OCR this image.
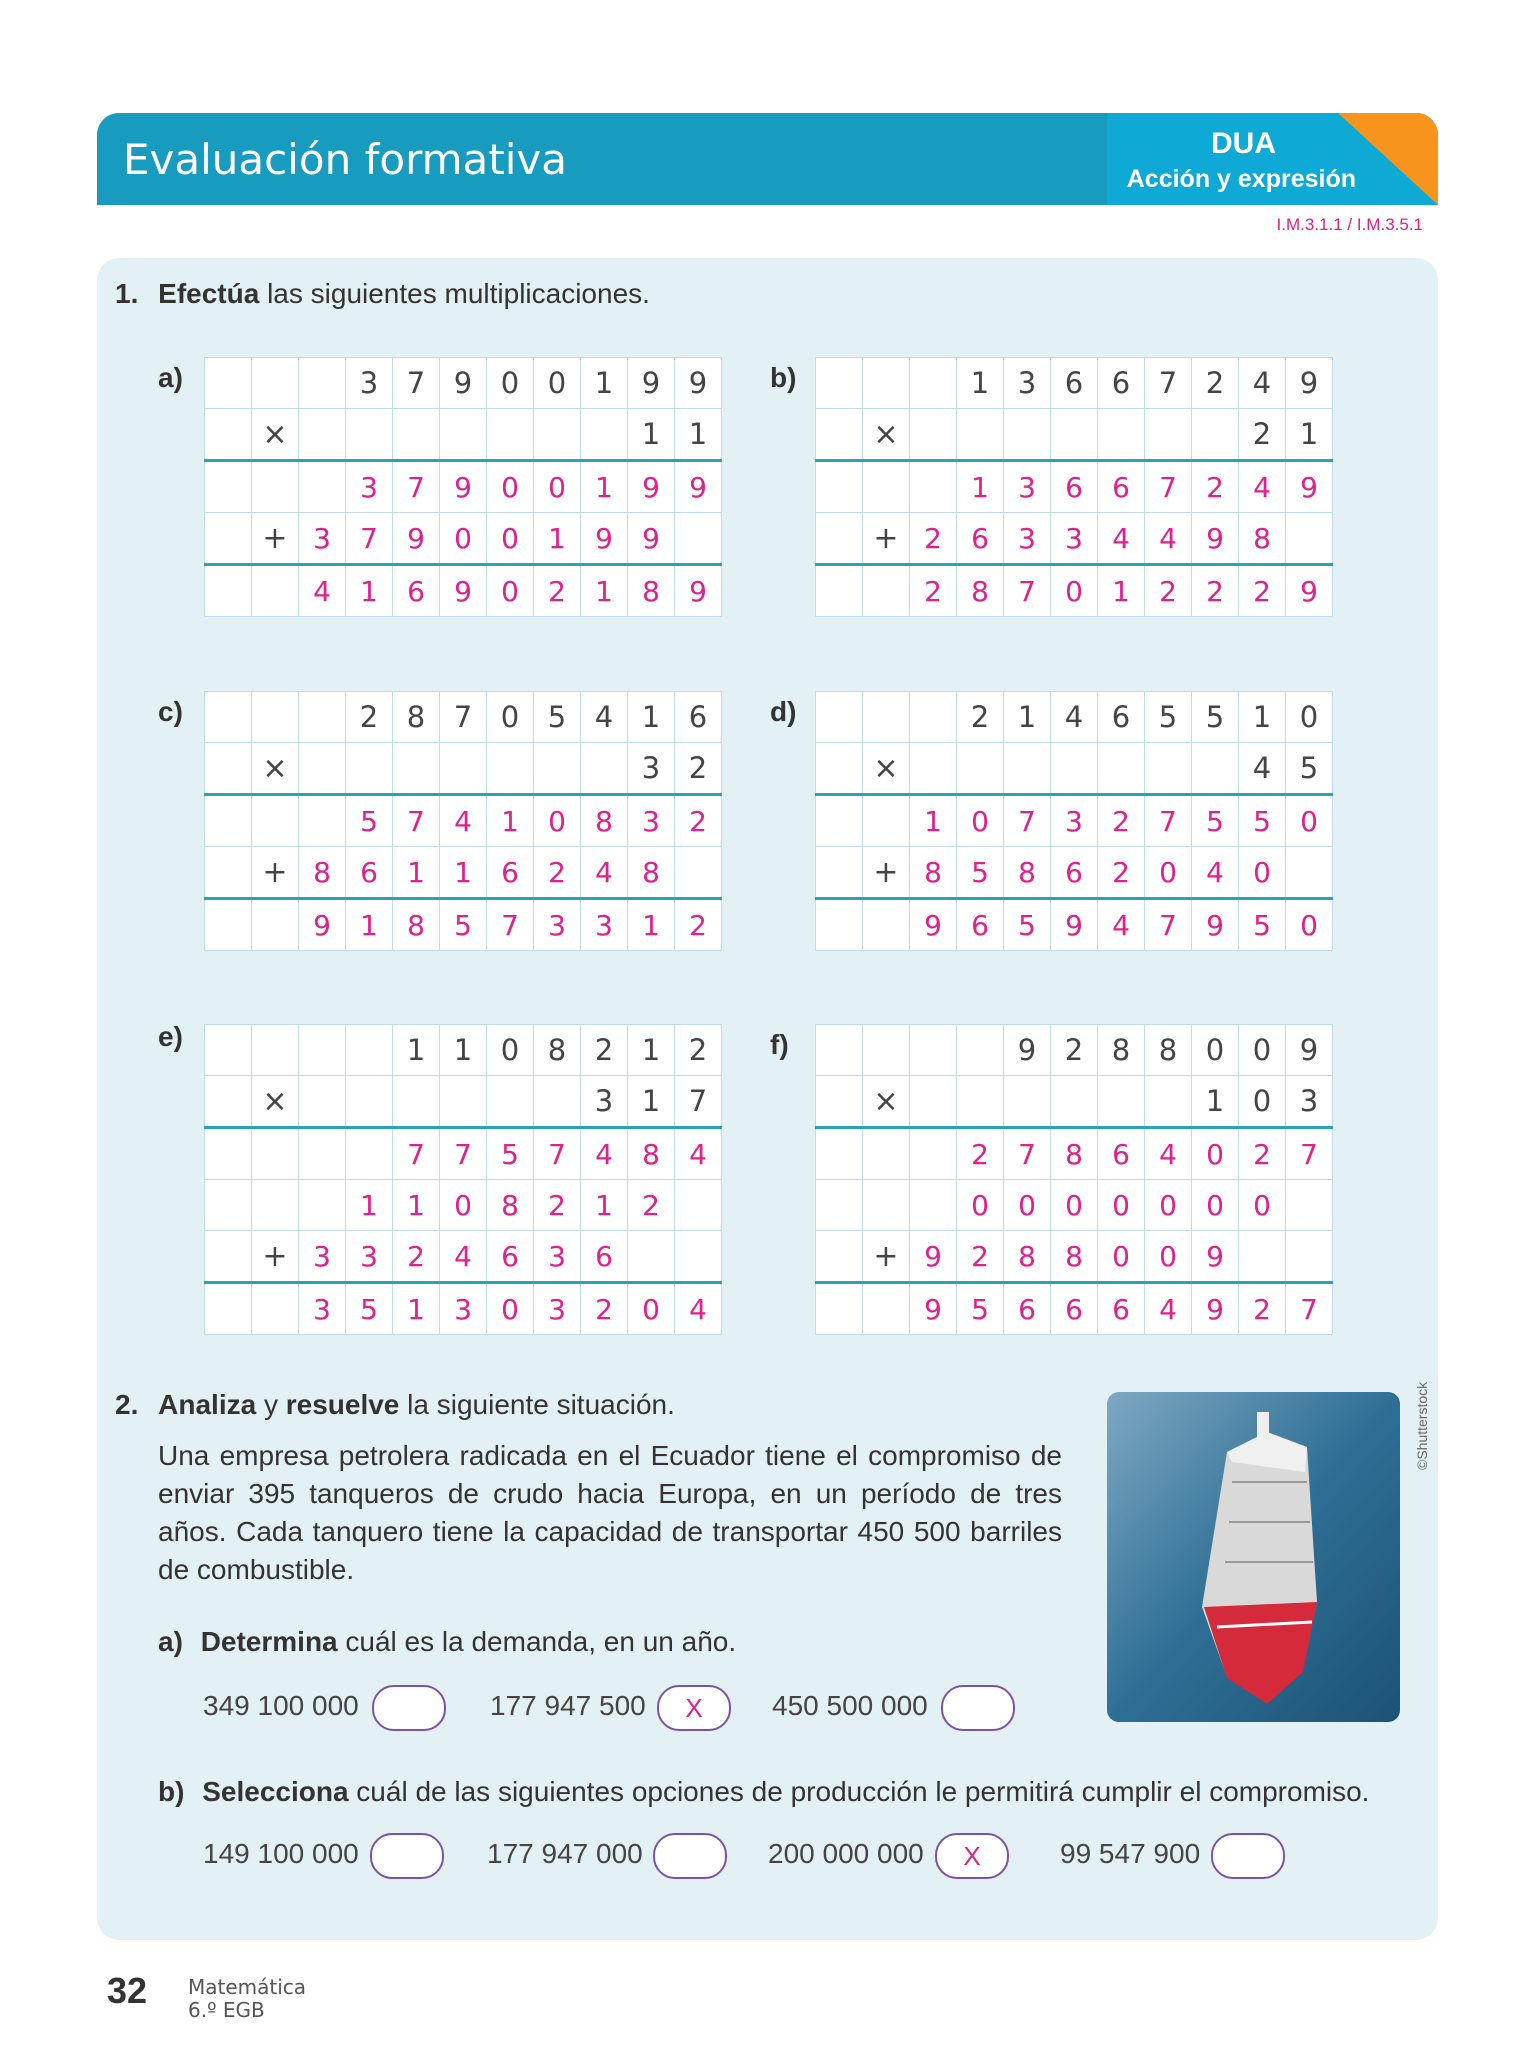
Evaluación formativa	DUA
Acción y expresión
I.M.3.1.1 / I.M.3.5.1
1. Efectúa las siguientes multiplicaciones.
a)	b)
c)	d)
e)	f)
			3	7	9	0	0	1	9	9
	×								1	1
			3	7	9	0	0	1	9	9
	+	3	7	9	0	0	1	9	9	
		4	1	6	9	0	2	1	8	9
			1	3	6	6	7	2	4	9
	×								2	1
			1	3	6	6	7	2	4	9
	+	2	6	3	3	4	4	9	8	
		2	8	7	0	1	2	2	2	9
			2	8	7	0	5	4	1	6
	×								3	2
			5	7	4	1	0	8	3	2
	+	8	6	1	1	6	2	4	8	
		9	1	8	5	7	3	3	1	2
			2	1	4	6	5	5	1	0
	×								4	5
		1	0	7	3	2	7	5	5	0
	+	8	5	8	6	2	0	4	0	
		9	6	5	9	4	7	9	5	0
				1	1	0	8	2	1	2
	×							3	1	7
				7	7	5	7	4	8	4
			1	1	0	8	2	1	2	
	+	3	3	2	4	6	3	6		
		3	5	1	3	0	3	2	0	4
				9	2	8	8	0	0	9
	×							1	0	3
			2	7	8	6	4	0	2	7
			0	0	0	0	0	0	0	
	+	9	2	8	8	0	0	9		
		9	5	6	6	6	4	9	2	7
2. Analiza y resuelve la siguiente situación.
Una empresa petrolera radicada en el Ecuador tiene el compromiso de enviar 395 tanqueros de crudo hacia Europa, en un período de tres años. Cada tanquero tiene la capacidad de transportar 450 500 barriles de combustible.
©Shutterstock
a) Determina cuál es la demanda, en un año.
349 100 000	177 947 500	X	450 500 000
b) Selecciona cuál de las siguientes opciones de producción le permitirá cumplir el compromiso.
149 100 000	177 947 000	200 000 000	X	99 547 900
32 Matemática
6.º EGB
